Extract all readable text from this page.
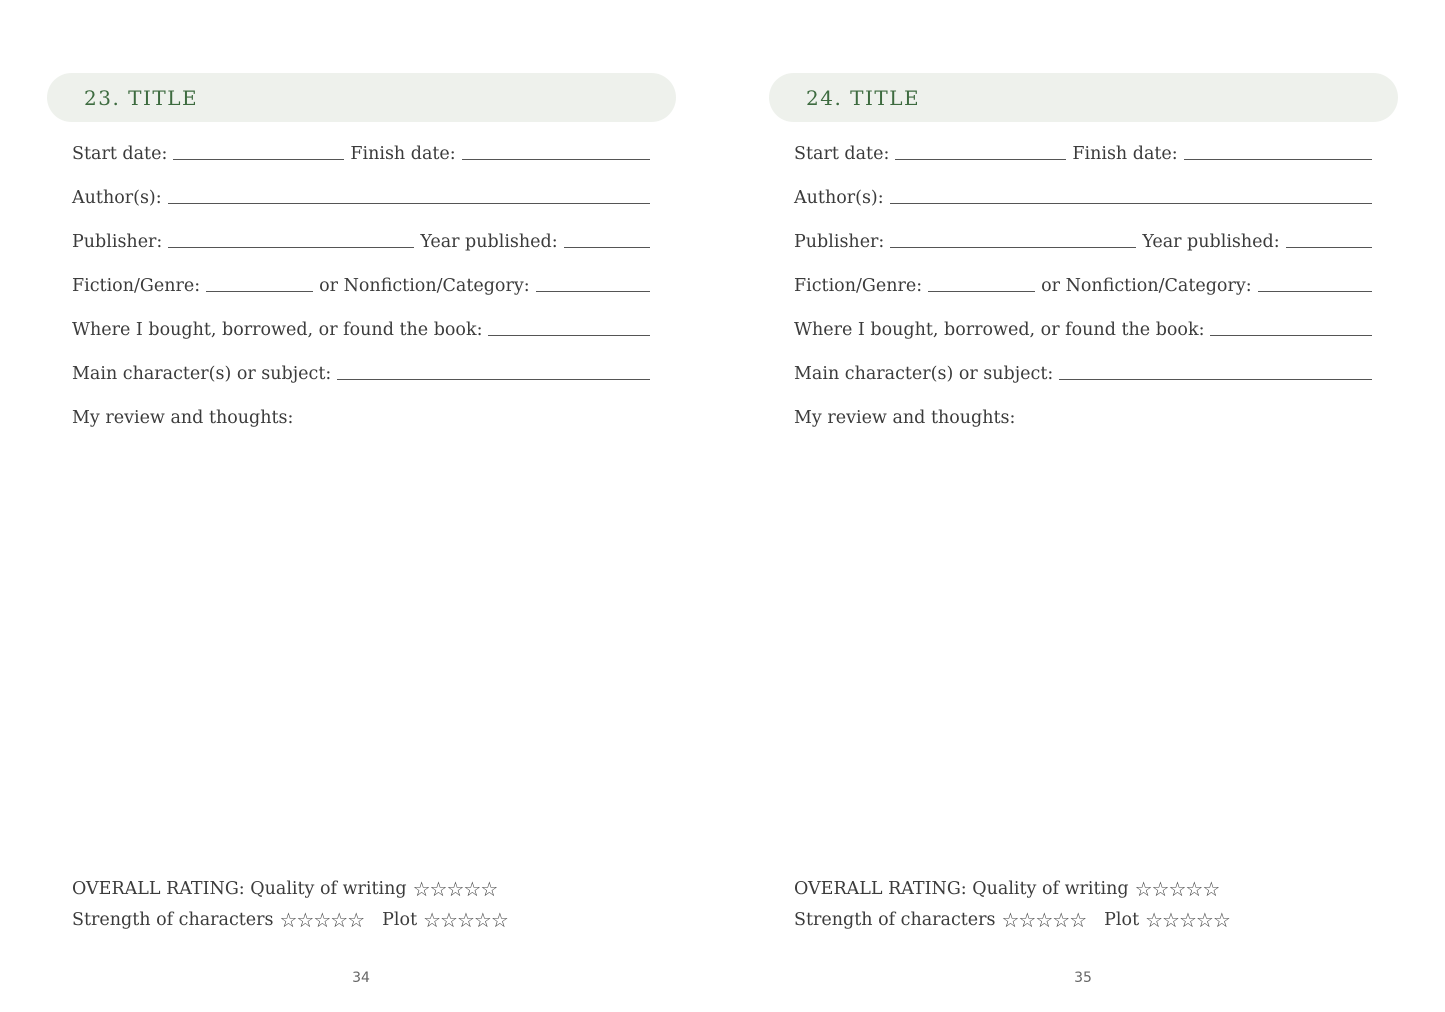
23. TITLE
Start date:	Finish date:
Author(s):
Publisher:	Year published:
Fiction/Genre:	or Nonfiction/Category:
Where I bought, borrowed, or found the book:
Main character(s) or subject:
My review and thoughts:
OVERALL RATING: Quality of writing ☆☆☆☆☆
Strength of characters ☆☆☆☆☆ Plot ☆☆☆☆☆
34
24. TITLE
Start date:	Finish date:
Author(s):
Publisher:	Year published:
Fiction/Genre:	or Nonfiction/Category:
Where I bought, borrowed, or found the book:
Main character(s) or subject:
My review and thoughts:
OVERALL RATING: Quality of writing ☆☆☆☆☆
Strength of characters ☆☆☆☆☆ Plot ☆☆☆☆☆
35
